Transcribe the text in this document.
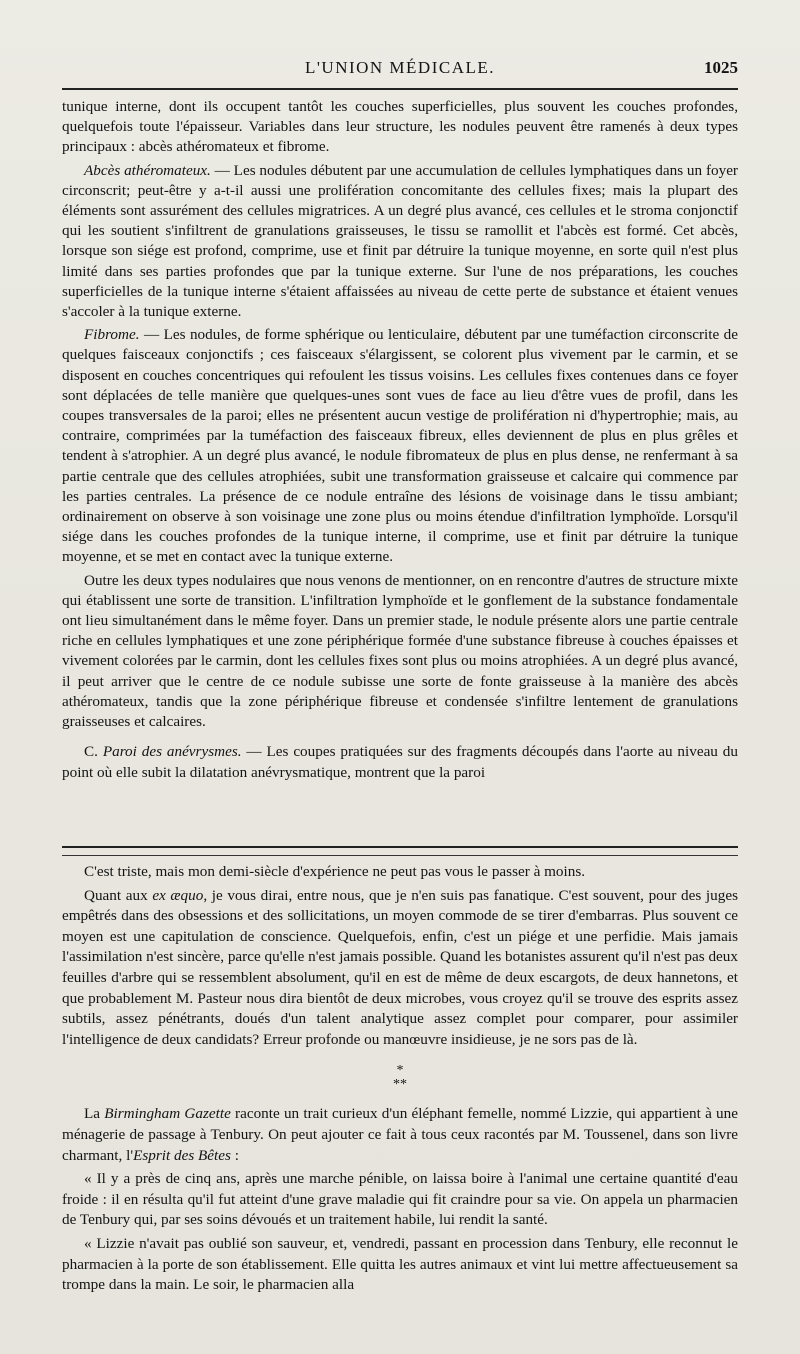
L'UNION MÉDICALE.	1025

tunique interne, dont ils occupent tantôt les couches superficielles, plus souvent les couches profondes, quelquefois toute l'épaisseur. Variables dans leur structure, les nodules peuvent être ramenés à deux types principaux : abcès athéromateux et fibrome.

Abcès athéromateux. — Les nodules débutent par une accumulation de cellules lymphatiques dans un foyer circonscrit; peut-être y a-t-il aussi une prolifération concomitante des cellules fixes; mais la plupart des éléments sont assurément des cellules migratrices. A un degré plus avancé, ces cellules et le stroma conjonctif qui les soutient s'infiltrent de granulations graisseuses, le tissu se ramollit et l'abcès est formé. Cet abcès, lorsque son siége est profond, comprime, use et finit par détruire la tunique moyenne, en sorte quil n'est plus limité dans ses parties profondes que par la tunique externe. Sur l'une de nos préparations, les couches superficielles de la tunique interne s'étaient affaissées au niveau de cette perte de substance et étaient venues s'accoler à la tunique externe.

Fibrome. — Les nodules, de forme sphérique ou lenticulaire, débutent par une tuméfaction circonscrite de quelques faisceaux conjonctifs ; ces faisceaux s'élargissent, se colorent plus vivement par le carmin, et se disposent en couches concentriques qui refoulent les tissus voisins. Les cellules fixes contenues dans ce foyer sont déplacées de telle manière que quelques-unes sont vues de face au lieu d'être vues de profil, dans les coupes transversales de la paroi; elles ne présentent aucun vestige de prolifération ni d'hypertrophie; mais, au contraire, comprimées par la tuméfaction des faisceaux fibreux, elles deviennent de plus en plus grêles et tendent à s'atrophier. A un degré plus avancé, le nodule fibromateux de plus en plus dense, ne renfermant à sa partie centrale que des cellules atrophiées, subit une transformation graisseuse et calcaire qui commence par les parties centrales. La présence de ce nodule entraîne des lésions de voisinage dans le tissu ambiant; ordinairement on observe à son voisinage une zone plus ou moins étendue d'infiltration lymphoïde. Lorsqu'il siége dans les couches profondes de la tunique interne, il comprime, use et finit par détruire la tunique moyenne, et se met en contact avec la tunique externe.

Outre les deux types nodulaires que nous venons de mentionner, on en rencontre d'autres de structure mixte qui établissent une sorte de transition. L'infiltration lymphoïde et le gonflement de la substance fondamentale ont lieu simultanément dans le même foyer. Dans un premier stade, le nodule présente alors une partie centrale riche en cellules lymphatiques et une zone périphérique formée d'une substance fibreuse à couches épaisses et vivement colorées par le carmin, dont les cellules fixes sont plus ou moins atrophiées. A un degré plus avancé, il peut arriver que le centre de ce nodule subisse une sorte de fonte graisseuse à la manière des abcès athéromateux, tandis que la zone périphérique fibreuse et condensée s'infiltre lentement de granulations graisseuses et calcaires.

C. Paroi des anévrysmes. — Les coupes pratiquées sur des fragments découpés dans l'aorte au niveau du point où elle subit la dilatation anévrysmatique, montrent que la paroi

C'est triste, mais mon demi-siècle d'expérience ne peut pas vous le passer à moins.

Quant aux ex æquo, je vous dirai, entre nous, que je n'en suis pas fanatique. C'est souvent, pour des juges empêtrés dans des obsessions et des sollicitations, un moyen commode de se tirer d'embarras. Plus souvent ce moyen est une capitulation de conscience. Quelquefois, enfin, c'est un piége et une perfidie. Mais jamais l'assimilation n'est sincère, parce qu'elle n'est jamais possible. Quand les botanistes assurent qu'il n'est pas deux feuilles d'arbre qui se ressemblent absolument, qu'il en est de même de deux escargots, de deux hannetons, et que probablement M. Pasteur nous dira bientôt de deux microbes, vous croyez qu'il se trouve des esprits assez subtils, assez pénétrants, doués d'un talent analytique assez complet pour comparer, pour assimiler l'intelligence de deux candidats? Erreur profonde ou manœuvre insidieuse, je ne sors pas de là.

*
**

La Birmingham Gazette raconte un trait curieux d'un éléphant femelle, nommé Lizzie, qui appartient à une ménagerie de passage à Tenbury. On peut ajouter ce fait à tous ceux racontés par M. Toussenel, dans son livre charmant, l'Esprit des Bêtes :

« Il y a près de cinq ans, après une marche pénible, on laissa boire à l'animal une certaine quantité d'eau froide : il en résulta qu'il fut atteint d'une grave maladie qui fit craindre pour sa vie. On appela un pharmacien de Tenbury qui, par ses soins dévoués et un traitement habile, lui rendit la santé.

« Lizzie n'avait pas oublié son sauveur, et, vendredi, passant en procession dans Tenbury, elle reconnut le pharmacien à la porte de son établissement. Elle quitta les autres animaux et vint lui mettre affectueusement sa trompe dans la main. Le soir, le pharmacien alla
